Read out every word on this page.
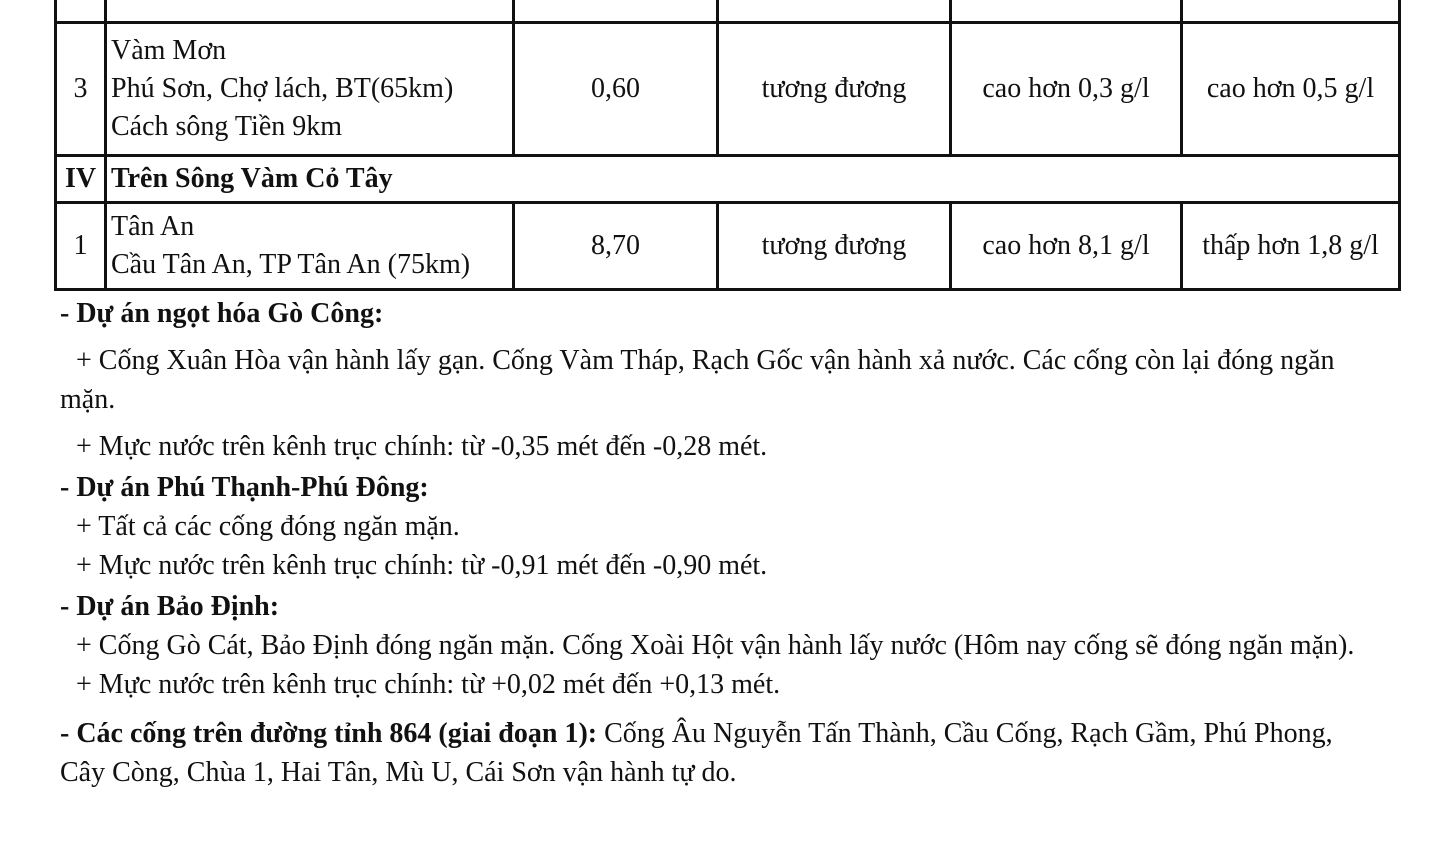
3	Vàm Mơn
Phú Sơn, Chợ lách, BT(65km)
Cách sông Tiền 9km	0,60	tương đương	cao hơn 0,3 g/l	cao hơn 0,5 g/l
IV	Trên Sông Vàm Cỏ Tây				
1	Tân An
Cầu Tân An, TP Tân An (75km)	8,70	tương đương	cao hơn 8,1 g/l	thấp hơn 1,8 g/l

- Dự án ngọt hóa Gò Công:

+ Cống Xuân Hòa vận hành lấy gạn. Cống Vàm Tháp, Rạch Gốc vận hành xả nước. Các cống còn lại đóng ngăn mặn.

+ Mực nước trên kênh trục chính: từ -0,35 mét đến -0,28 mét.

- Dự án Phú Thạnh-Phú Đông:

+ Tất cả các cống đóng ngăn mặn.

+ Mực nước trên kênh trục chính: từ -0,91 mét đến -0,90 mét.

- Dự án Bảo Định:

+ Cống Gò Cát, Bảo Định đóng ngăn mặn. Cống Xoài Hột vận hành lấy nước (Hôm nay cống sẽ đóng ngăn mặn).

+ Mực nước trên kênh trục chính: từ +0,02 mét đến +0,13 mét.

- Các cống trên đường tỉnh 864 (giai đoạn 1): Cống Âu Nguyễn Tấn Thành, Cầu Cống, Rạch Gầm, Phú Phong, Cây Còng, Chùa 1, Hai Tân, Mù U, Cái Sơn vận hành tự do.
